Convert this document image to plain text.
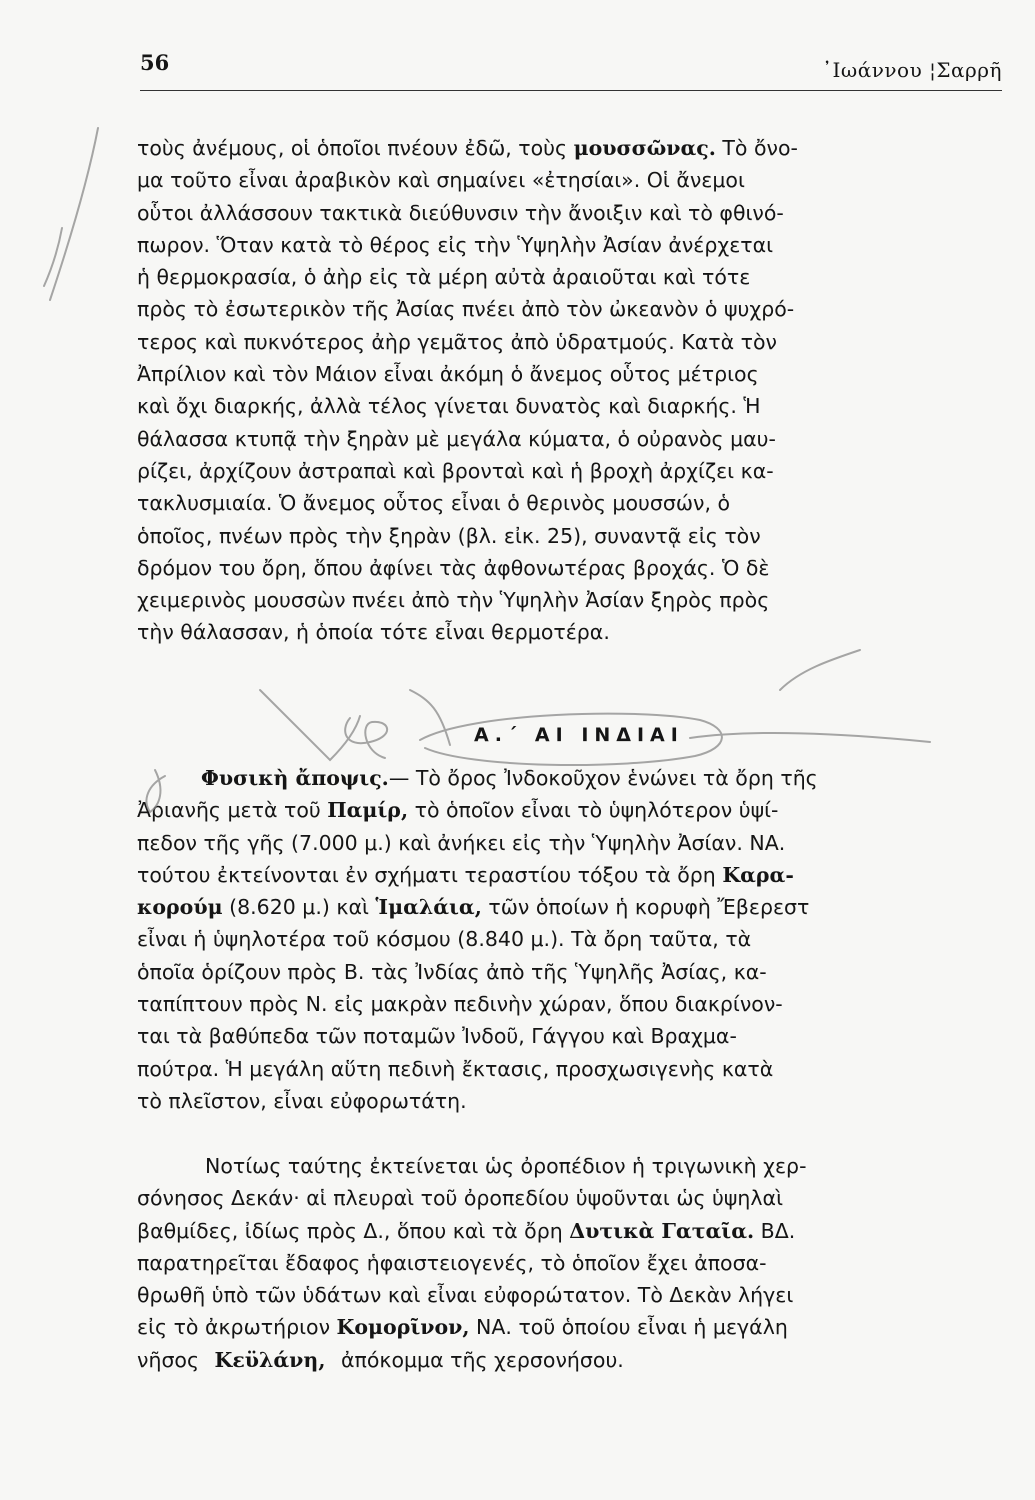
56	᾿Ιωάννου ¦Σαρρῆ
τοὺς ἀνέμους, οἱ ὁποῖοι πνέουν ἐδῶ, τοὺς μουσσῶνας. Τὸ ὄνο-
μα τοῦτο εἶναι ἀραβικὸν καὶ σημαίνει «ἐτησίαι». Οἱ ἄνεμοι
οὗτοι ἀλλάσσουν τακτικὰ διεύθυνσιν τὴν ἄνοιξιν καὶ τὸ φθινό-
πωρον. Ὅταν κατὰ τὸ θέρος εἰς τὴν Ὑψηλὴν Ἀσίαν ἀνέρχεται
ἡ θερμοκρασία, ὁ ἀὴρ εἰς τὰ μέρη αὐτὰ ἀραιοῦται καὶ τότε
πρὸς τὸ ἐσωτερικὸν τῆς Ἀσίας πνέει ἀπὸ τὸν ὠκεανὸν ὁ ψυχρό-
τερος καὶ πυκνότερος ἀὴρ γεμᾶτος ἀπὸ ὑδρατμούς. Κατὰ τὸν
Ἀπρίλιον καὶ τὸν Μάιον εἶναι ἀκόμη ὁ ἄνεμος οὗτος μέτριος
καὶ ὄχι διαρκής, ἀλλὰ τέλος γίνεται δυνατὸς καὶ διαρκής. Ἡ
θάλασσα κτυπᾷ τὴν ξηρὰν μὲ μεγάλα κύματα, ὁ οὐρανὸς μαυ-
ρίζει, ἀρχίζουν ἀστραπαὶ καὶ βρονταὶ καὶ ἡ βροχὴ ἀρχίζει κα-
τακλυσμιαία. Ὁ ἄνεμος οὗτος εἶναι ὁ θερινὸς μουσσών, ὁ
ὁποῖος, πνέων πρὸς τὴν ξηρὰν (βλ. εἰκ. 25), συναντᾷ εἰς τὸν
δρόμον του ὄρη, ὅπου ἀφίνει τὰς ἀφθονωτέρας βροχάς. Ὁ δὲ
χειμερινὸς μουσσὼν πνέει ἀπὸ τὴν Ὑψηλὴν Ἀσίαν ξηρὸς πρὸς
τὴν θάλασσαν, ἡ ὁποία τότε εἶναι θερμοτέρα.
Α.΄ ΑΙ ΙΝΔΙΑΙ
Φυσικὴ ἄποψις.— Τὸ ὄρος Ἰνδοκοῦχον ἑνώνει τὰ ὄρη τῆς
Ἀριανῆς μετὰ τοῦ Παμίρ, τὸ ὁποῖον εἶναι τὸ ὑψηλότερον ὑψί-
πεδον τῆς γῆς (7.000 μ.) καὶ ἀνήκει εἰς τὴν Ὑψηλὴν Ἀσίαν. ΝΑ.
τούτου ἐκτείνονται ἐν σχήματι τεραστίου τόξου τὰ ὄρη Καρα-
κορούμ (8.620 μ.) καὶ Ἱμαλάια, τῶν ὁποίων ἡ κορυφὴ Ἔβερεστ
εἶναι ἡ ὑψηλοτέρα τοῦ κόσμου (8.840 μ.). Τὰ ὄρη ταῦτα, τὰ
ὁποῖα ὁρίζουν πρὸς Β. τὰς Ἰνδίας ἀπὸ τῆς Ὑψηλῆς Ἀσίας, κα-
ταπίπτουν πρὸς Ν. εἰς μακρὰν πεδινὴν χώραν, ὅπου διακρίνον-
ται τὰ βαθύπεδα τῶν ποταμῶν Ἰνδοῦ, Γάγγου καὶ Βραχμα-
πούτρα. Ἡ μεγάλη αὕτη πεδινὴ ἔκτασις, προσχωσιγενὴς κατὰ
τὸ πλεῖστον, εἶναι εὐφορωτάτη.
Νοτίως ταύτης ἐκτείνεται ὡς ὀροπέδιον ἡ τριγωνικὴ χερ-
σόνησος Δεκάν· αἱ πλευραὶ τοῦ ὀροπεδίου ὑψοῦνται ὡς ὑψηλαὶ
βαθμίδες, ἰδίως πρὸς Δ., ὅπου καὶ τὰ ὄρη Δυτικὰ Γαταῖα. ΒΔ.
παρατηρεῖται ἔδαφος ἡφαιστειογενές, τὸ ὁποῖον ἔχει ἀποσα-
θρωθῆ ὑπὸ τῶν ὑδάτων καὶ εἶναι εὐφορώτατον. Τὸ Δεκὰν λήγει
εἰς τὸ ἀκρωτήριον Κομορῖνον, ΝΑ. τοῦ ὁποίου εἶναι ἡ μεγάλη
νῆσος Κεϋλάνη, ἀπόκομμα τῆς χερσονήσου.
